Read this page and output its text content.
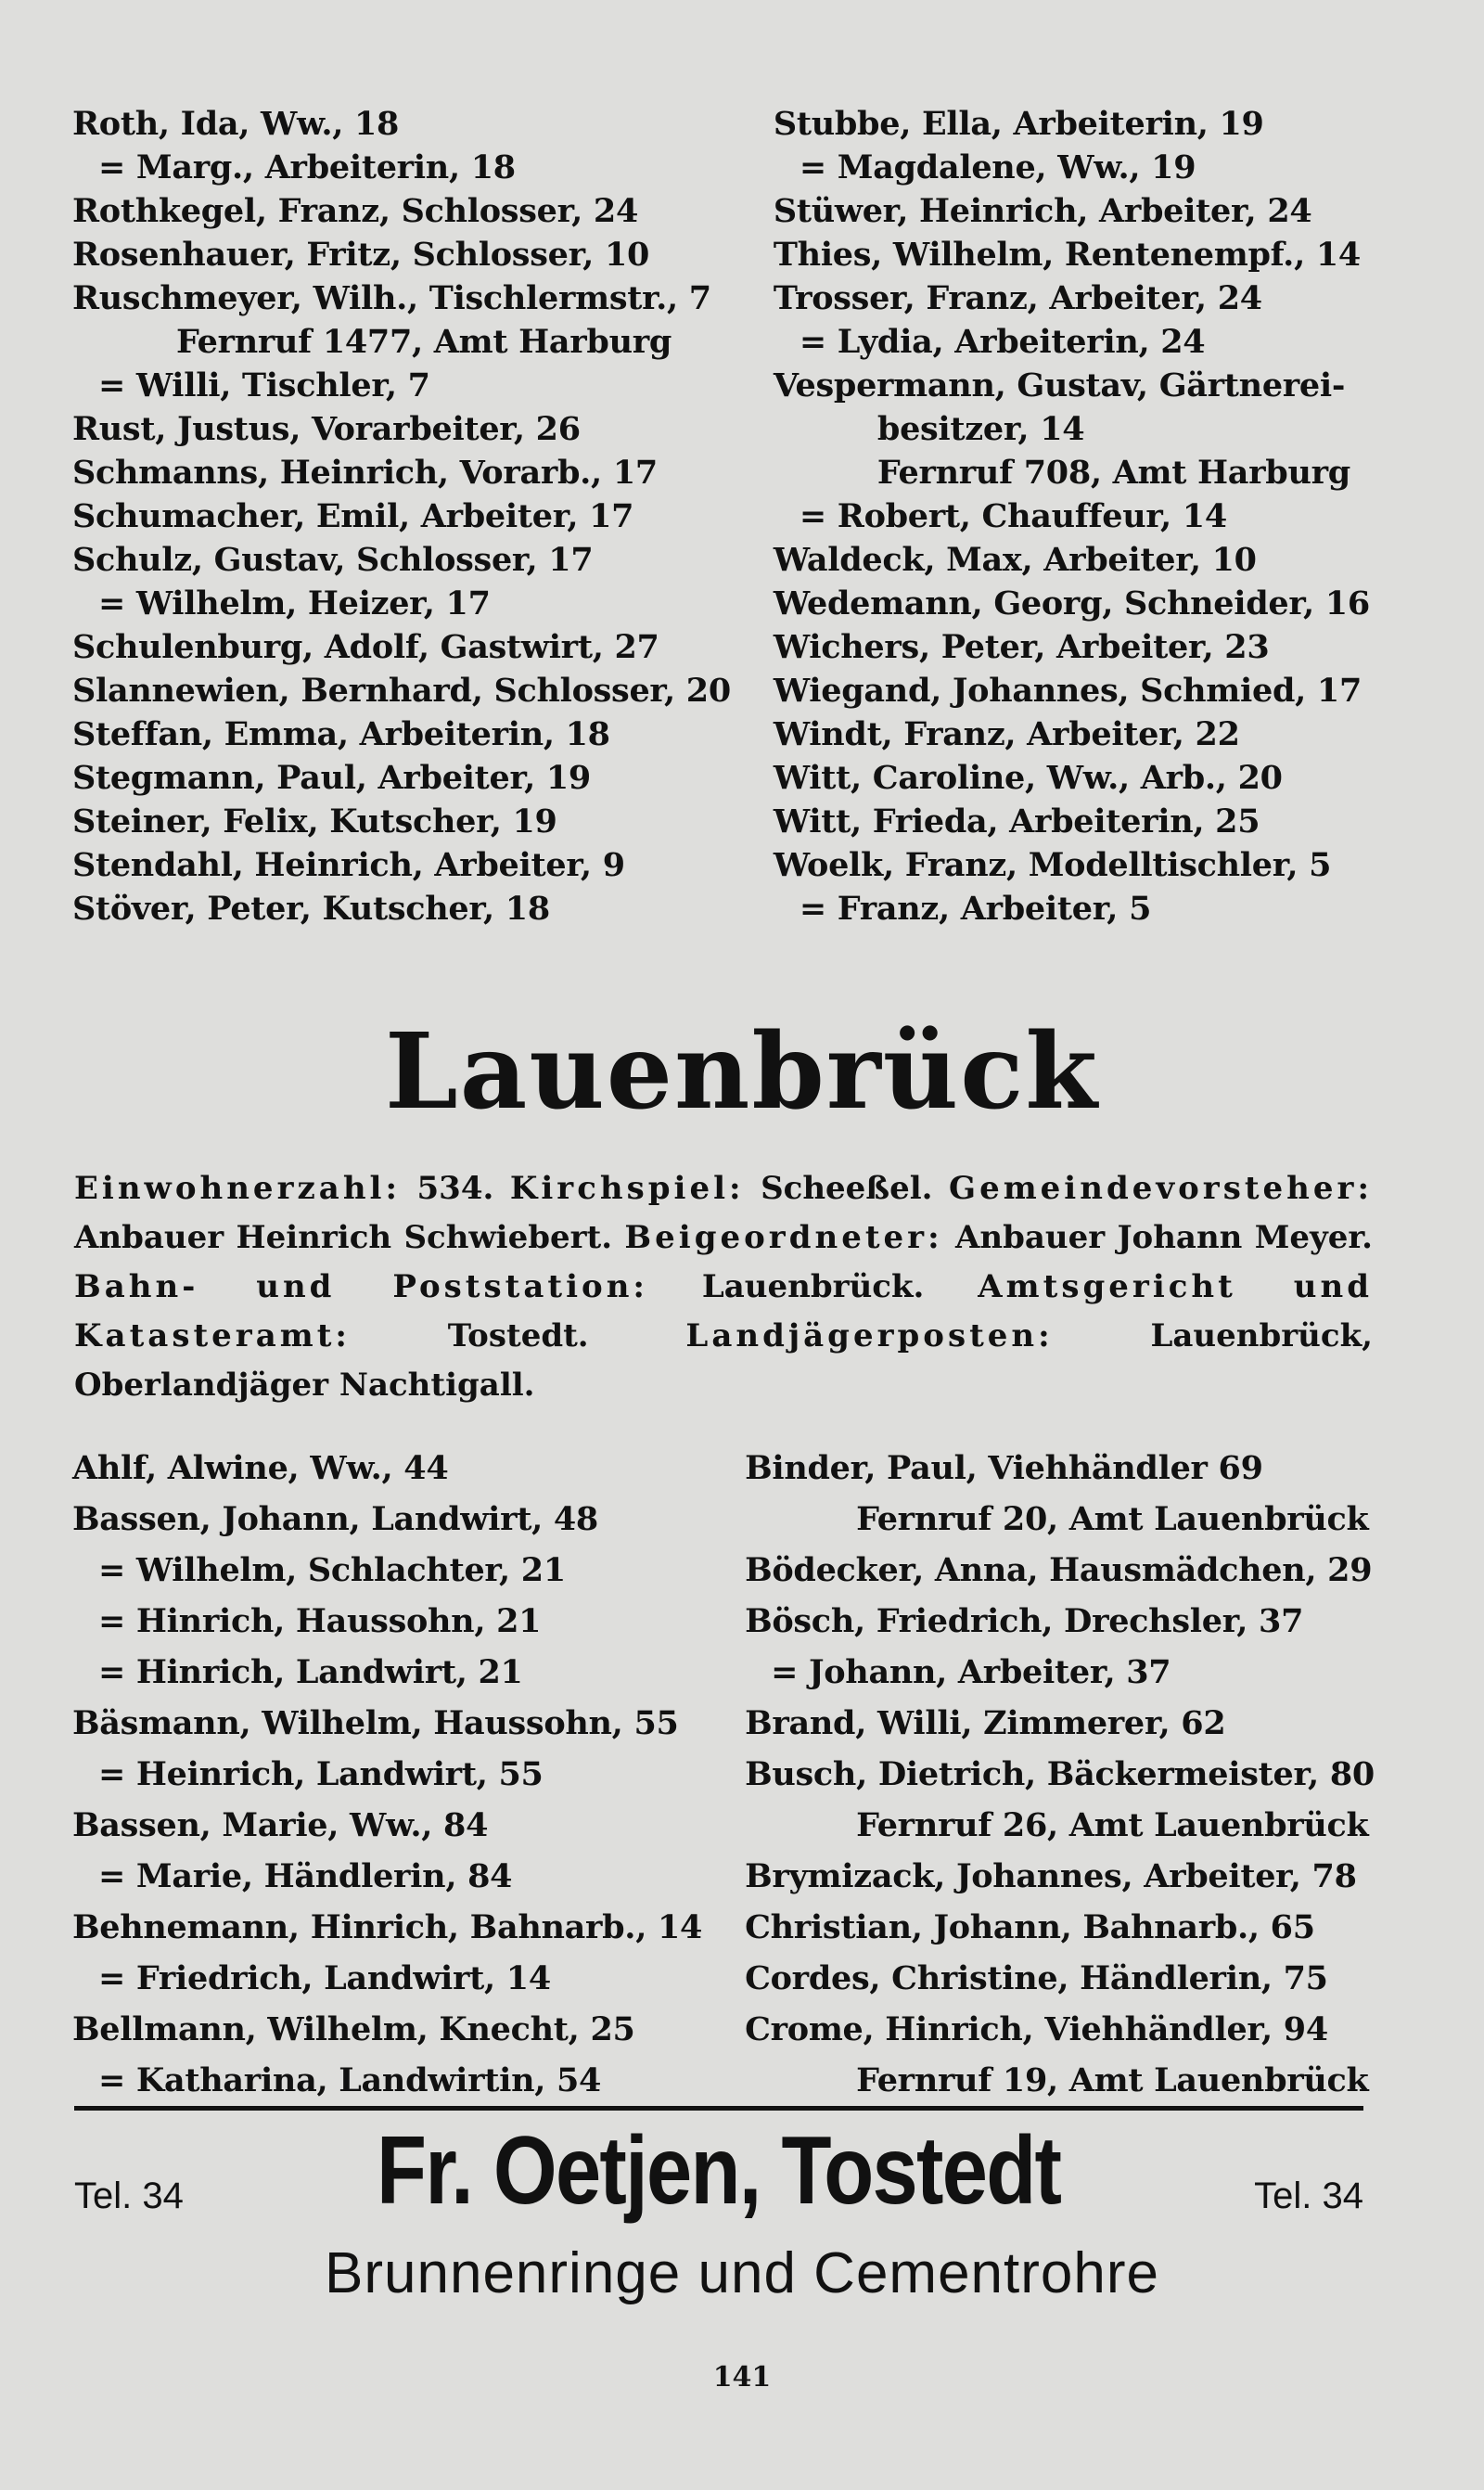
Roth, Ida, Ww., 18
= Marg., Arbeiterin, 18
Rothkegel, Franz, Schlosser, 24
Rosenhauer, Fritz, Schlosser, 10
Ruschmeyer, Wilh., Tischlermstr., 7
Fernruf 1477, Amt Harburg
= Willi, Tischler, 7
Rust, Justus, Vorarbeiter, 26
Schmanns, Heinrich, Vorarb., 17
Schumacher, Emil, Arbeiter, 17
Schulz, Gustav, Schlosser, 17
= Wilhelm, Heizer, 17
Schulenburg, Adolf, Gastwirt, 27
Slannewien, Bernhard, Schlosser, 20
Steffan, Emma, Arbeiterin, 18
Stegmann, Paul, Arbeiter, 19
Steiner, Felix, Kutscher, 19
Stendahl, Heinrich, Arbeiter, 9
Stöver, Peter, Kutscher, 18
Stubbe, Ella, Arbeiterin, 19
= Magdalene, Ww., 19
Stüwer, Heinrich, Arbeiter, 24
Thies, Wilhelm, Rentenempf., 14
Trosser, Franz, Arbeiter, 24
= Lydia, Arbeiterin, 24
Vespermann, Gustav, Gärtnerei-
besitzer, 14
Fernruf 708, Amt Harburg
= Robert, Chauffeur, 14
Waldeck, Max, Arbeiter, 10
Wedemann, Georg, Schneider, 16
Wichers, Peter, Arbeiter, 23
Wiegand, Johannes, Schmied, 17
Windt, Franz, Arbeiter, 22
Witt, Caroline, Ww., Arb., 20
Witt, Frieda, Arbeiterin, 25
Woelk, Franz, Modelltischler, 5
= Franz, Arbeiter, 5
Lauenbrück
Einwohnerzahl: 534. Kirchspiel: Scheeßel. Gemeindevorsteher: Anbauer Heinrich Schwiebert. Beigeordneter: Anbauer Johann Meyer. Bahn- und Poststation: Lauenbrück. Amtsgericht und Katasteramt:	Tostedt.	Landjägerposten:	Lauenbrück, Oberlandjäger Nachtigall.
Ahlf, Alwine, Ww., 44
Bassen, Johann, Landwirt, 48
= Wilhelm, Schlachter, 21
= Hinrich, Haussohn, 21
= Hinrich, Landwirt, 21
Bäsmann, Wilhelm, Haussohn, 55
= Heinrich, Landwirt, 55
Bassen, Marie, Ww., 84
= Marie, Händlerin, 84
Behnemann, Hinrich, Bahnarb., 14
= Friedrich, Landwirt, 14
Bellmann, Wilhelm, Knecht, 25
= Katharina, Landwirtin, 54
Binder, Paul, Viehhändler 69
Fernruf 20, Amt Lauenbrück
Bödecker, Anna, Hausmädchen, 29
Bösch, Friedrich, Drechsler, 37
= Johann, Arbeiter, 37
Brand, Willi, Zimmerer, 62
Busch, Dietrich, Bäckermeister, 80
Fernruf 26, Amt Lauenbrück
Brymizack, Johannes, Arbeiter, 78
Christian, Johann, Bahnarb., 65
Cordes, Christine, Händlerin, 75
Crome, Hinrich, Viehhändler, 94
Fernruf 19, Amt Lauenbrück
Tel. 34 Fr. Oetjen, Tostedt	Tel. 34
Brunnenringe und Cementrohre
141
